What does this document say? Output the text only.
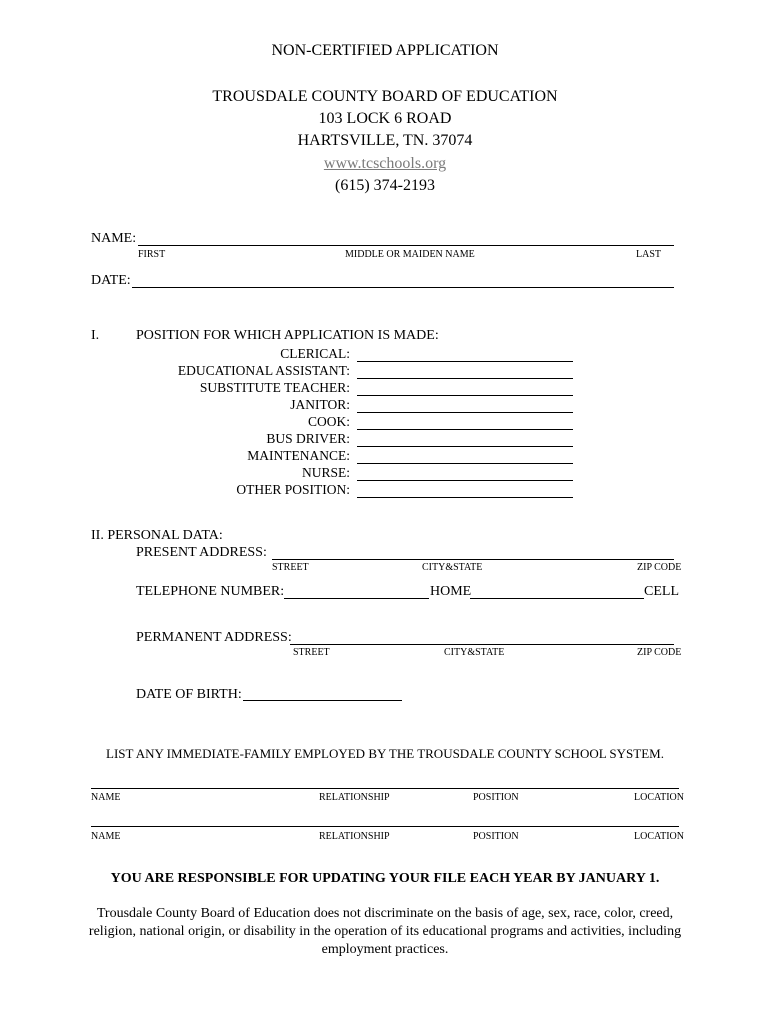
NON-CERTIFIED APPLICATION
TROUSDALE COUNTY BOARD OF EDUCATION
103 LOCK 6 ROAD
HARTSVILLE, TN. 37074
www.tcschools.org
(615) 374-2193
NAME:
FIRST	MIDDLE OR MAIDEN NAME	LAST
DATE:
I.	POSITION FOR WHICH APPLICATION IS MADE:
CLERICAL:
EDUCATIONAL ASSISTANT:
SUBSTITUTE TEACHER:
JANITOR:
COOK:
BUS DRIVER:
MAINTENANCE:
NURSE:
OTHER POSITION:
II. PERSONAL DATA:
PRESENT ADDRESS:
STREET	CITY&STATE	ZIP CODE
TELEPHONE NUMBER:	HOME	CELL
PERMANENT ADDRESS:
STREET	CITY&STATE	ZIP CODE
DATE OF BIRTH:
LIST ANY IMMEDIATE-FAMILY EMPLOYED BY THE TROUSDALE COUNTY SCHOOL SYSTEM.
NAME	RELATIONSHIP	POSITION	LOCATION
NAME	RELATIONSHIP	POSITION	LOCATION
YOU ARE RESPONSIBLE FOR UPDATING YOUR FILE EACH YEAR BY JANUARY 1.
Trousdale County Board of Education does not discriminate on the basis of age, sex, race, color, creed,
religion, national origin, or disability in the operation of its educational programs and activities, including
employment practices.
